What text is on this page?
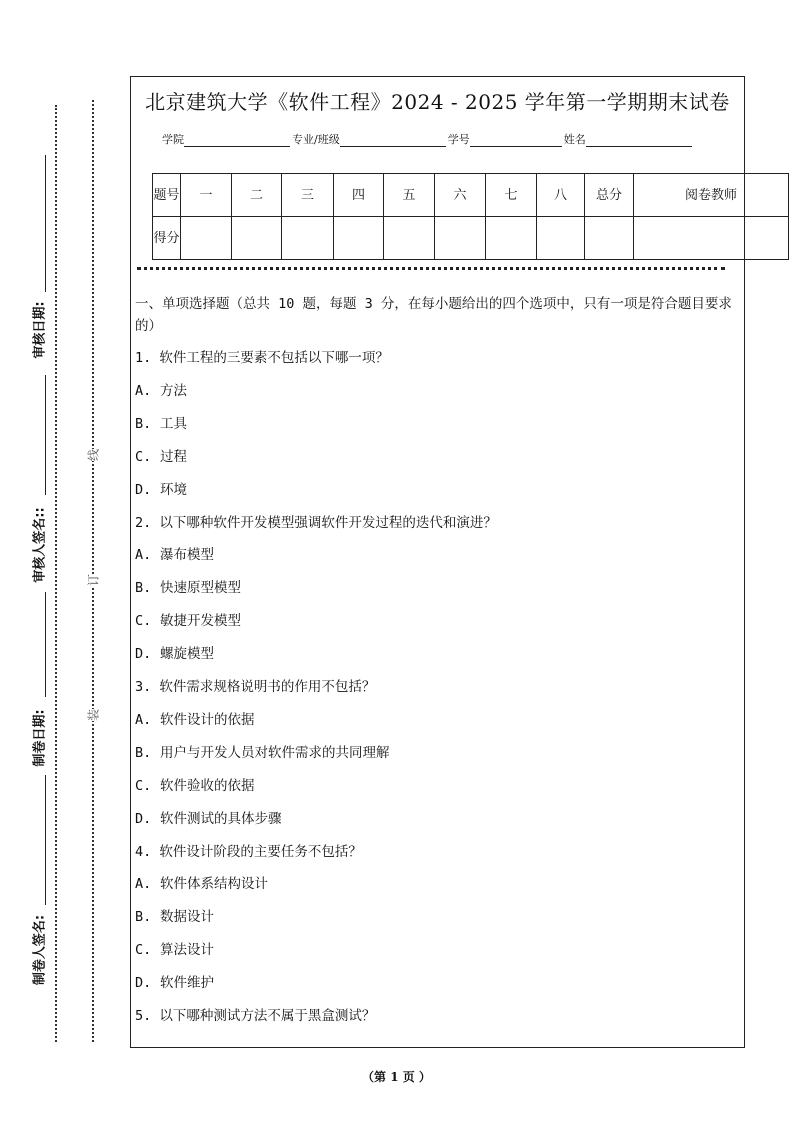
审核日期:
审核人签名::
制卷日期:
制卷人签名:
线
订
装
北京建筑大学《软件工程》2024 - 2025 学年第一学期期末试卷
学院	专业/班级	学号	姓名
题号	一	二	三	四	五	六	七	八	总分	阅卷教师
得分										
一、单项选择题（总共 10 题，每题 3 分，在每小题给出的四个选项中，只有一项是符合题目要求的）
1. 软件工程的三要素不包括以下哪一项？
A. 方法
B. 工具
C. 过程
D. 环境
2. 以下哪种软件开发模型强调软件开发过程的迭代和演进？
A. 瀑布模型
B. 快速原型模型
C. 敏捷开发模型
D. 螺旋模型
3. 软件需求规格说明书的作用不包括？
A. 软件设计的依据
B. 用户与开发人员对软件需求的共同理解
C. 软件验收的依据
D. 软件测试的具体步骤
4. 软件设计阶段的主要任务不包括？
A. 软件体系结构设计
B. 数据设计
C. 算法设计
D. 软件维护
5. 以下哪种测试方法不属于黑盒测试？
（第 1 页 ）
